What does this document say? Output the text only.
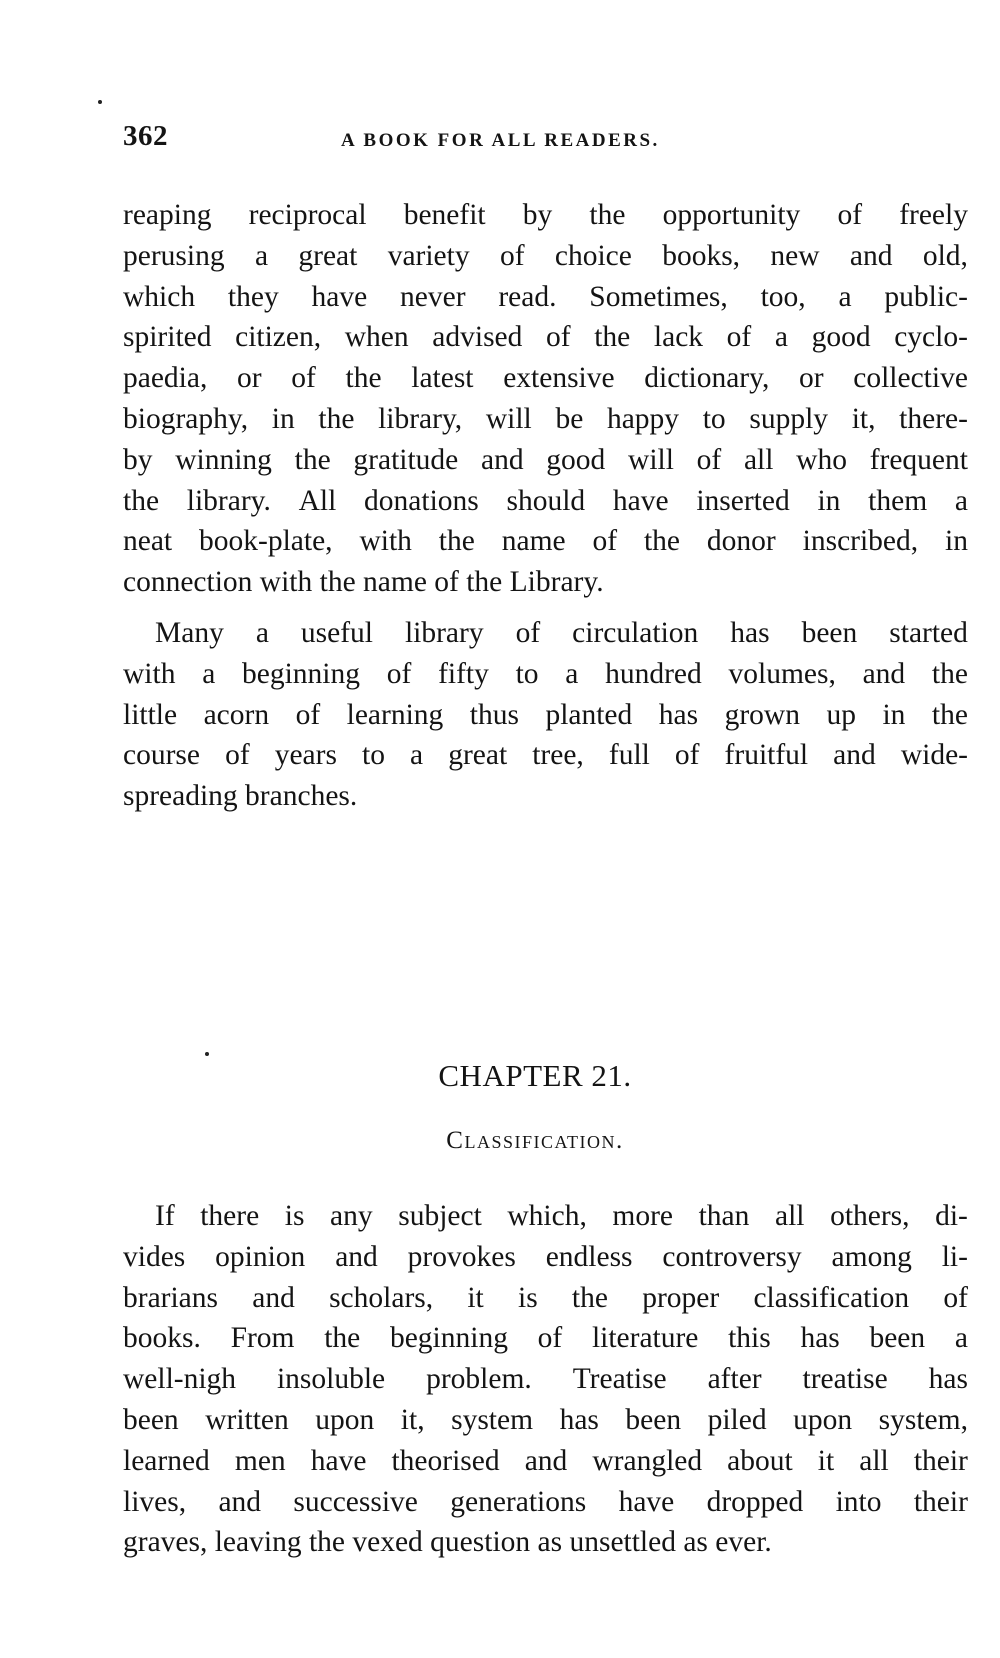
362	A BOOK FOR ALL READERS.
reaping reciprocal benefit by the opportunity of freely
perusing a great variety of choice books, new and old,
which they have never read. Sometimes, too, a public-
spirited citizen, when advised of the lack of a good cyclo-
paedia, or of the latest extensive dictionary, or collective
biography, in the library, will be happy to supply it, there-
by winning the gratitude and good will of all who frequent
the library. All donations should have inserted in them a
neat book-plate, with the name of the donor inscribed, in
connection with the name of the Library.
Many a useful library of circulation has been started
with a beginning of fifty to a hundred volumes, and the
little acorn of learning thus planted has grown up in the
course of years to a great tree, full of fruitful and wide-
spreading branches.
CHAPTER 21.
Classification.
If there is any subject which, more than all others, di-
vides opinion and provokes endless controversy among li-
brarians and scholars, it is the proper classification of
books. From the beginning of literature this has been a
well-nigh insoluble problem. Treatise after treatise has
been written upon it, system has been piled upon system,
learned men have theorised and wrangled about it all their
lives, and successive generations have dropped into their
graves, leaving the vexed question as unsettled as ever.
